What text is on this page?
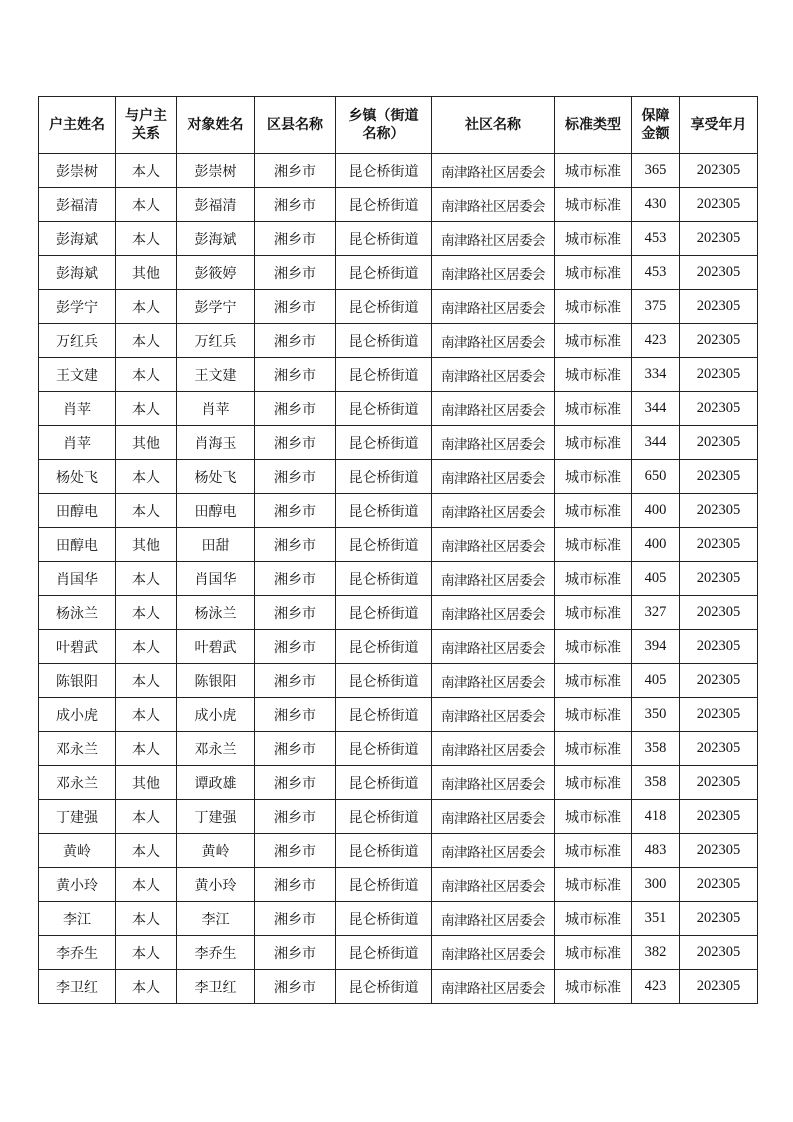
户主姓名	与户主关系	对象姓名	区县名称	乡镇（街道名称）	社区名称	标准类型	保障金额	享受年月
彭崇树	本人	彭崇树	湘乡市	昆仑桥街道	南津路社区居委会	城市标准	365	202305
彭福清	本人	彭福清	湘乡市	昆仑桥街道	南津路社区居委会	城市标准	430	202305
彭海斌	本人	彭海斌	湘乡市	昆仑桥街道	南津路社区居委会	城市标准	453	202305
彭海斌	其他	彭筱婷	湘乡市	昆仑桥街道	南津路社区居委会	城市标准	453	202305
彭学宁	本人	彭学宁	湘乡市	昆仑桥街道	南津路社区居委会	城市标准	375	202305
万红兵	本人	万红兵	湘乡市	昆仑桥街道	南津路社区居委会	城市标准	423	202305
王文建	本人	王文建	湘乡市	昆仑桥街道	南津路社区居委会	城市标准	334	202305
肖苹	本人	肖苹	湘乡市	昆仑桥街道	南津路社区居委会	城市标准	344	202305
肖苹	其他	肖海玉	湘乡市	昆仑桥街道	南津路社区居委会	城市标准	344	202305
杨处飞	本人	杨处飞	湘乡市	昆仑桥街道	南津路社区居委会	城市标准	650	202305
田醇电	本人	田醇电	湘乡市	昆仑桥街道	南津路社区居委会	城市标准	400	202305
田醇电	其他	田甜	湘乡市	昆仑桥街道	南津路社区居委会	城市标准	400	202305
肖国华	本人	肖国华	湘乡市	昆仑桥街道	南津路社区居委会	城市标准	405	202305
杨泳兰	本人	杨泳兰	湘乡市	昆仑桥街道	南津路社区居委会	城市标准	327	202305
叶碧武	本人	叶碧武	湘乡市	昆仑桥街道	南津路社区居委会	城市标准	394	202305
陈银阳	本人	陈银阳	湘乡市	昆仑桥街道	南津路社区居委会	城市标准	405	202305
成小虎	本人	成小虎	湘乡市	昆仑桥街道	南津路社区居委会	城市标准	350	202305
邓永兰	本人	邓永兰	湘乡市	昆仑桥街道	南津路社区居委会	城市标准	358	202305
邓永兰	其他	谭政雄	湘乡市	昆仑桥街道	南津路社区居委会	城市标准	358	202305
丁建强	本人	丁建强	湘乡市	昆仑桥街道	南津路社区居委会	城市标准	418	202305
黄岭	本人	黄岭	湘乡市	昆仑桥街道	南津路社区居委会	城市标准	483	202305
黄小玲	本人	黄小玲	湘乡市	昆仑桥街道	南津路社区居委会	城市标准	300	202305
李江	本人	李江	湘乡市	昆仑桥街道	南津路社区居委会	城市标准	351	202305
李乔生	本人	李乔生	湘乡市	昆仑桥街道	南津路社区居委会	城市标准	382	202305
李卫红	本人	李卫红	湘乡市	昆仑桥街道	南津路社区居委会	城市标准	423	202305
